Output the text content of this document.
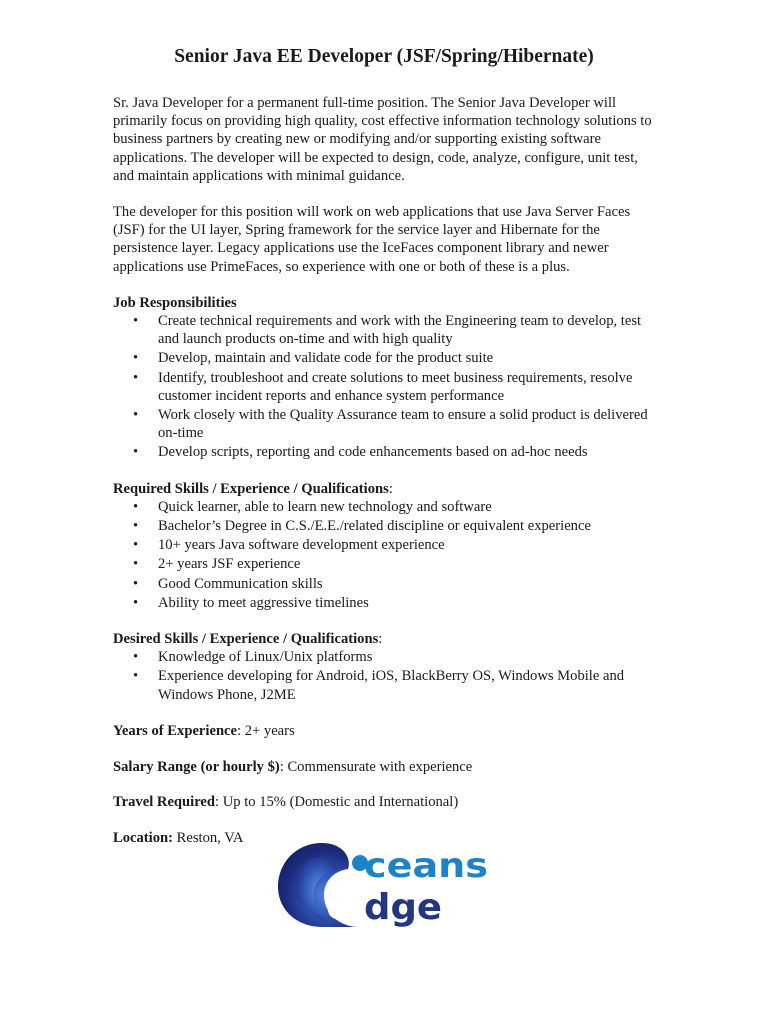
Senior Java EE Developer (JSF/Spring/Hibernate)

Sr. Java Developer for a permanent full-time position. The Senior Java Developer will primarily focus on providing high quality, cost effective information technology solutions to business partners by creating new or modifying and/or supporting existing software applications. The developer will be expected to design, code, analyze, configure, unit test, and maintain applications with minimal guidance.

The developer for this position will work on web applications that use Java Server Faces (JSF) for the UI layer, Spring framework for the service layer and Hibernate for the persistence layer. Legacy applications use the IceFaces component library and newer applications use PrimeFaces, so experience with one or both of these is a plus.

Job Responsibilities

• Create technical requirements and work with the Engineering team to develop, test and launch products on-time and with high quality
• Develop, maintain and validate code for the product suite
• Identify, troubleshoot and create solutions to meet business requirements, resolve customer incident reports and enhance system performance
• Work closely with the Quality Assurance team to ensure a solid product is delivered on-time
• Develop scripts, reporting and code enhancements based on ad-hoc needs

Required Skills / Experience / Qualifications:

• Quick learner, able to learn new technology and software
• Bachelor’s Degree in C.S./E.E./related discipline or equivalent experience
• 10+ years Java software development experience
• 2+ years JSF experience
• Good Communication skills
• Ability to meet aggressive timelines

Desired Skills / Experience / Qualifications:

• Knowledge of Linux/Unix platforms
• Experience developing for Android, iOS, BlackBerry OS, Windows Mobile and Windows Phone, J2ME

Years of Experience: 2+ years

Salary Range (or hourly $): Commensurate with experience

Travel Required: Up to 15% (Domestic and International)

Location: Reston, VA

e
ceans
dge
